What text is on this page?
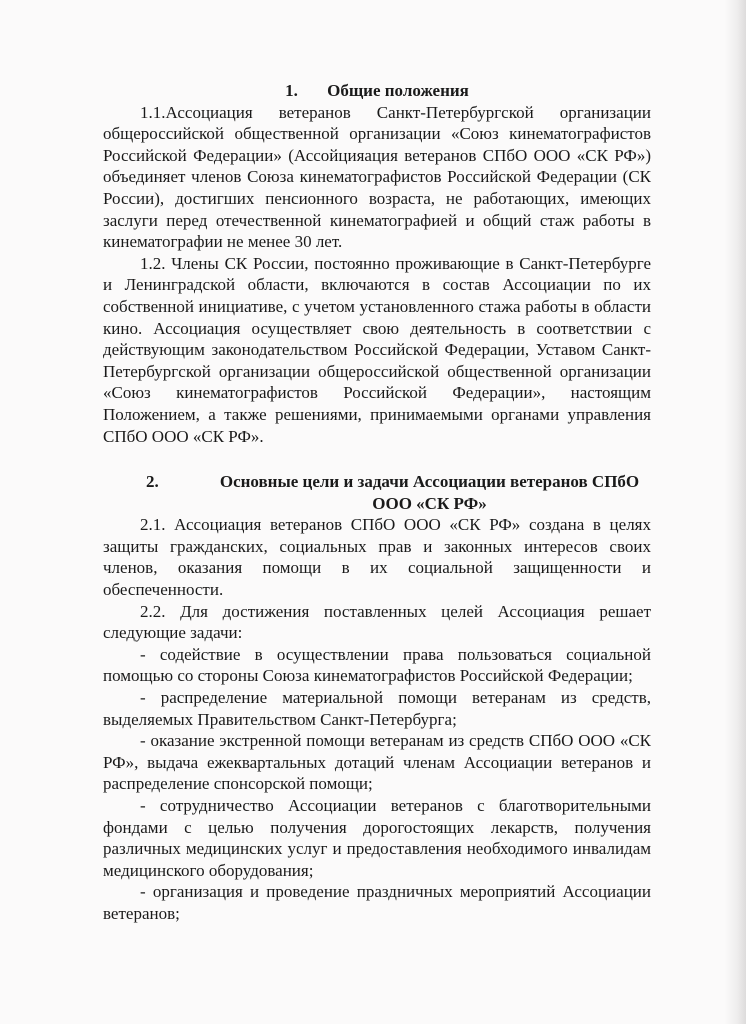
1. Общие положения

1.1.Ассоциация ветеранов Санкт-Петербургской организации общероссийской общественной организации «Союз кинематографистов Российской Федерации» (Ассойцияация ветеранов СПбО ООО «СК РФ») объединяет членов Союза кинематографистов Российской Федерации (СК России), достигших пенсионного возраста, не работающих, имеющих заслуги перед отечественной кинематографией и общий стаж работы в кинематографии не менее 30 лет.

1.2. Члены СК России, постоянно проживающие в Санкт-Петербурге и Ленинградской области, включаются в состав Ассоциации по их собственной инициативе, с учетом установленного стажа работы в области кино. Ассоциация осуществляет свою деятельность в соответствии с действующим законодательством Российской Федерации, Уставом Санкт-Петербургской организации общероссийской общественной организации «Союз кинематографистов Российской Федерации», настоящим Положением, а также решениями, принимаемыми органами управления СПбО ООО «СК РФ».

2.	Основные цели и задачи Ассоциации ветеранов СПбО ООО «СК РФ»

2.1. Ассоциация ветеранов СПбО ООО «СК РФ» создана в целях защиты гражданских, социальных прав и законных интересов своих членов, оказания помощи в их социальной защищенности и обеспеченности.

2.2. Для достижения поставленных целей Ассоциация решает следующие задачи:

- содействие в осуществлении права пользоваться социальной помощью со стороны Союза кинематографистов Российской Федерации;

- распределение материальной помощи ветеранам из средств, выделяемых Правительством Санкт-Петербурга;

- оказание экстренной помощи ветеранам из средств СПбО ООО «СК РФ», выдача ежеквартальных дотаций членам Ассоциации ветеранов и распределение спонсорской помощи;

- сотрудничество Ассоциации ветеранов с благотворительными фондами с целью получения дорогостоящих лекарств, получения различных медицинских услуг и предоставления необходимого инвалидам медицинского оборудования;

- организация и проведение праздничных мероприятий Ассоциации ветеранов;
